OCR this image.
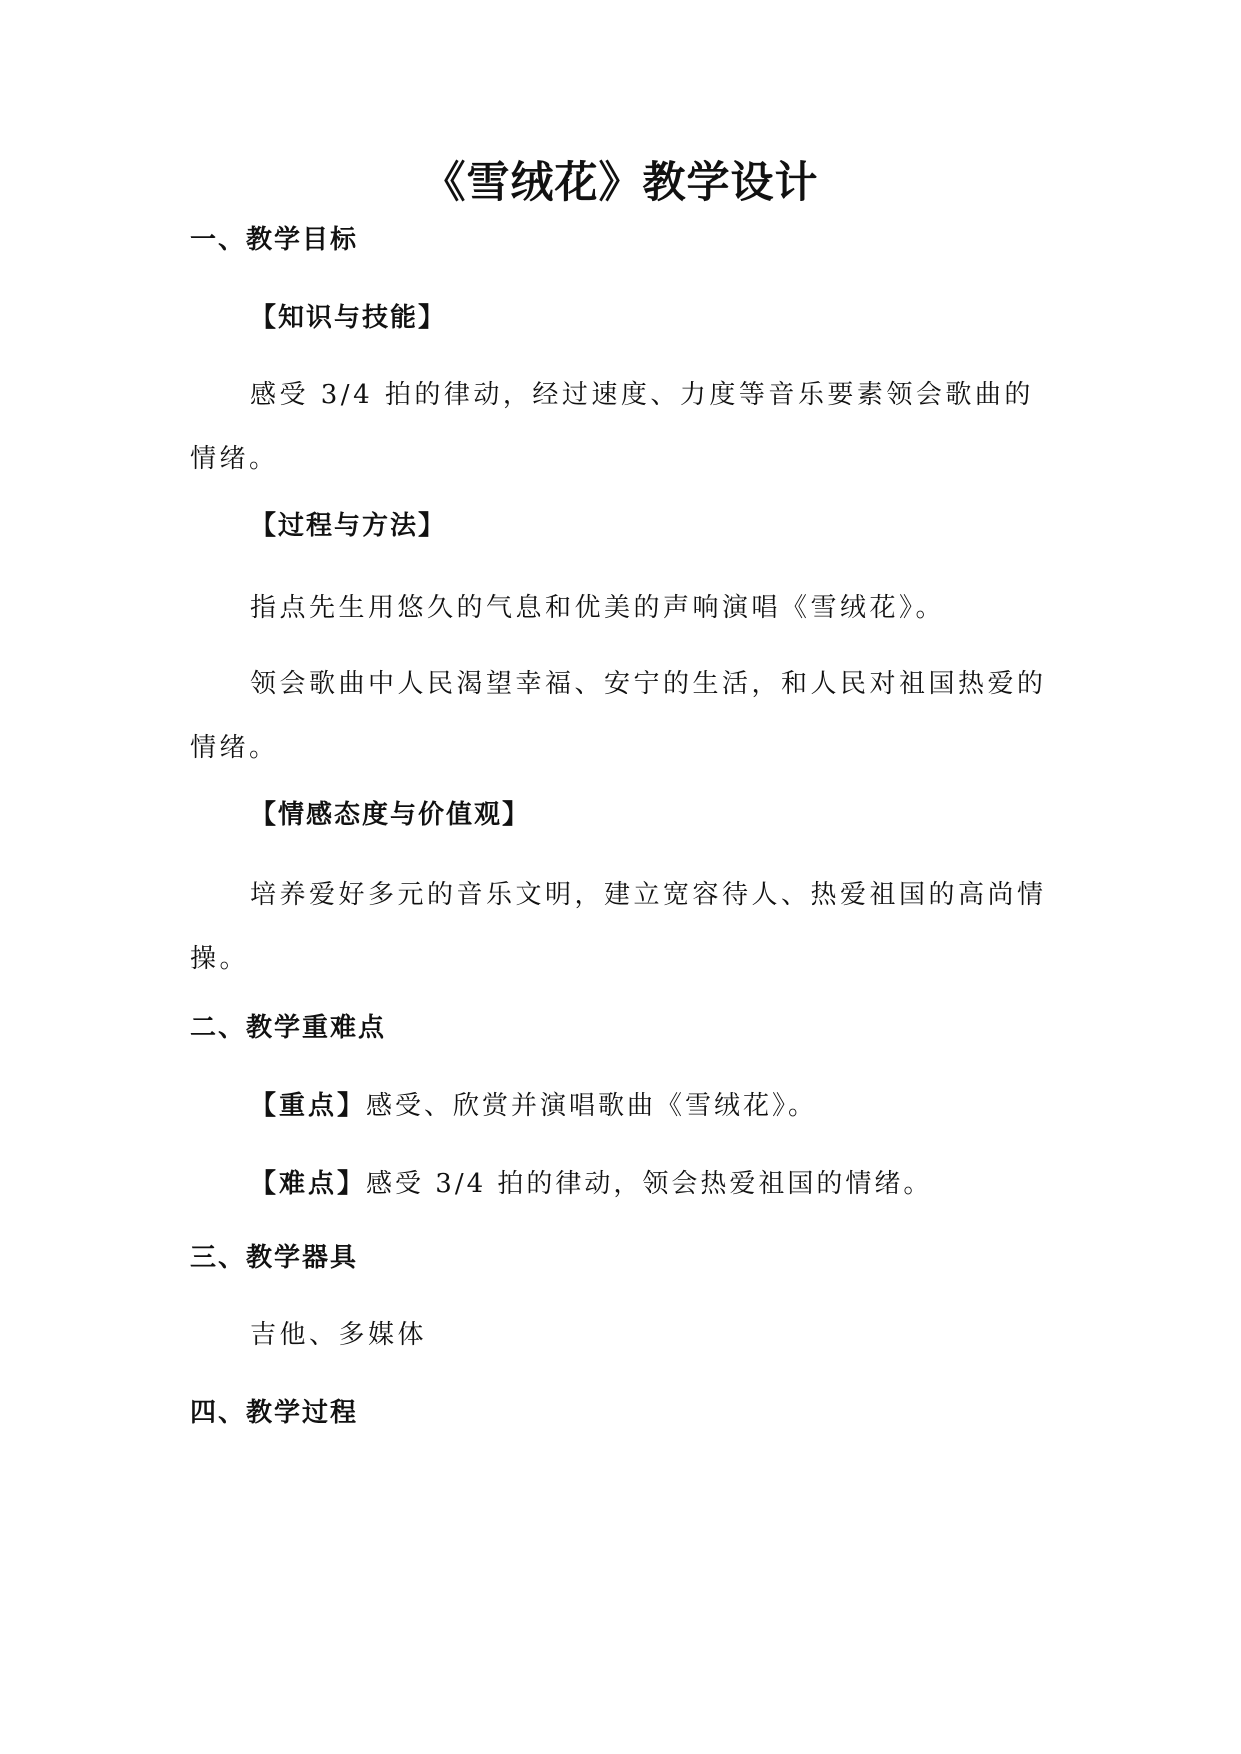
《雪绒花》教学设计
一、教学目标
【知识与技能】
感受 3/4 拍的律动，经过速度、力度等音乐要素领会歌曲的情绪。
【过程与方法】
指点先生用悠久的气息和优美的声响演唱《雪绒花》。
领会歌曲中人民渴望幸福、安宁的生活，和人民对祖国热爱的情绪。
【情感态度与价值观】
培养爱好多元的音乐文明，建立宽容待人、热爱祖国的高尚情操。
二、教学重难点
【重点】感受、欣赏并演唱歌曲《雪绒花》。
【难点】感受 3/4 拍的律动，领会热爱祖国的情绪。
三、教学器具
吉他、多媒体
四、教学过程
